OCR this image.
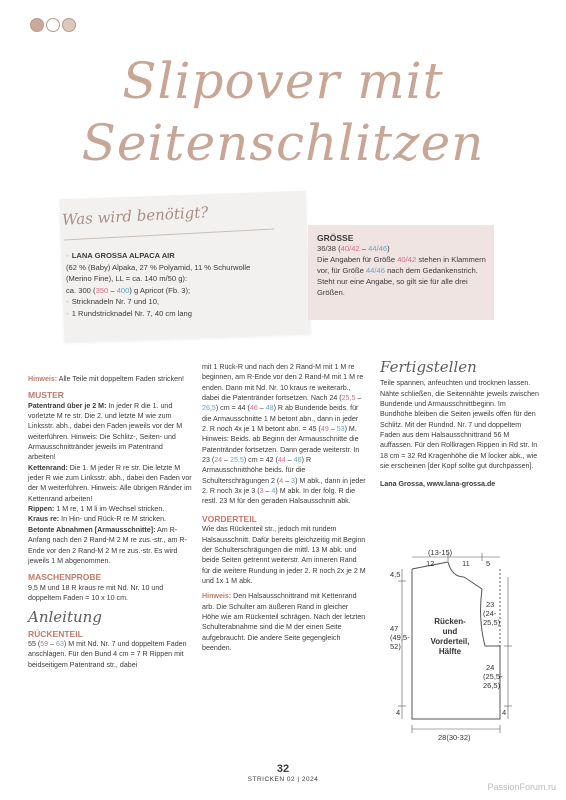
Slipover mit
Seitenschlitzen
Was wird benötigt?
◦ LANA GROSSA ALPACA AIR
(62 % (Baby) Alpaka, 27 % Polyamid, 11 % Schurwolle
(Merino Fine), LL = ca. 140 m/50 g):
ca. 300 (350 – 400) g Apricot (Fb. 3);
◦ Stricknadeln Nr. 7 und 10,
◦ 1 Rundstricknadel Nr. 7, 40 cm lang
GRÖSSE
36/38 (40/42 – 44/46)
Die Angaben für Größe 40/42 stehen in Klammern vor, für Größe 44/46 nach dem Gedankenstrich. Steht nur eine Angabe, so gilt sie für alle drei Größen.

Hinweis: Alle Teile mit doppeltem Faden stricken!

MUSTER

Patentrand über je 2 M: In jeder R die 1. und vorletzte M re str. Die 2. und letzte M wie zum Linksstr. abh., dabei den Faden jeweils vor der M weiterführen. Hinweis: Die Schlitz-, Seiten- und Armausschnittränder jeweils im Patentrand arbeiten!

Kettenrand: Die 1. M jeder R re str. Die letzte M jeder R wie zum Linksstr. abh., dabei den Faden vor der M weiterführen. Hinweis: Alle übrigen Ränder im Kettenrand arbeiten!

Rippen: 1 M re, 1 M li im Wechsel stricken.

Kraus re: In Hin- und Rück-R re M stricken.

Betonte Abnahmen [Armausschnitte]: Am R-Anfang nach den 2 Rand-M 2 M re zus.-str., am R-Ende vor den 2 Rand-M 2 M re zus.-str. Es wird jeweils 1 M abgenommen.

MASCHENPROBE

9,5 M und 18 R kraus re mit Nd. Nr. 10 und doppeltem Faden = 10 x 10 cm.

Anleitung
RÜCKENTEIL

55 (59 – 63) M mit Nd. Nr. 7 und doppeltem Faden anschlagen. Für den Bund 4 cm = 7 R Rippen mit beidseitigem Patentrand str., dabei

mit 1 Rück-R und nach den 2 Rand-M mit 1 M re beginnen, am R-Ende vor den 2 Rand-M mit 1 M re enden. Dann mit Nd. Nr. 10 kraus re weiterarb., dabei die Patentränder fortsetzen. Nach 24 (25,5 – 26,5) cm = 44 (46 – 48) R ab Bundende beids. für die Armausschnitte 1 M betont abn., dann in jeder 2. R noch 4x je 1 M betont abn. = 45 (49 – 53) M. Hinweis: Beids. ab Beginn der Armausschnitte die Patentränder fortsetzen. Dann gerade weiterstr. In 23 (24 – 25,5) cm = 42 (44 – 46) R Armausschnitthöhe beids. für die Schulterschrägungen 2 (4 – 3) M abk., dann in jeder 2. R noch 3x je 3 (3 – 4) M abk. In der folg. R die restl. 23 M für den geraden Halsausschnitt abk.

VORDERTEIL

Wie das Rückenteil str., jedoch mit rundem Halsausschnitt. Dafür bereits gleichzeitig mit Beginn der Schulterschrägungen die mittl. 13 M abk. und beide Seiten getrennt weiterstr. Am inneren Rand für die weitere Rundung in jeder 2. R noch 2x je 2 M und 1x 1 M abk.

Hinweis: Den Halsausschnittrand mit Kettenrand arb. Die Schulter am äußeren Rand in gleicher Höhe wie am Rückenteil schrägen. Nach der letzten Schulterabnahme sind die M der einen Seite aufgebraucht. Die andere Seite gegengleich beenden.

Fertigstellen

Teile spannen, anfeuchten und trocknen lassen. Nähte schließen, die Seitennähte jeweils zwischen Bundende und Armausschnittbeginn. Im Bundhöhe bleiben die Seiten jeweils offen für den Schlitz. Mit der Rundnd. Nr. 7 und doppeltem Faden aus dem Halsausschnittrand 56 M auffassen. Für den Rollkragen Rippen in Rd str. In 18 cm = 32 Rd Kragenhöhe die M locker abk., wie sie erscheinen [der Kopf sollte gut durchpassen].

Lana Grossa, www.lana-grossa.de

(13-15)
12	11 5
4,5
47
(49,5-
52)
4
23
(24-
25,5)
24
(25,5-
26,5)
4
28(30-32)
Rücken-
und
Vorderteil,
Hälfte
32
STRICKEN 02 | 2024
PassionForum.ru
